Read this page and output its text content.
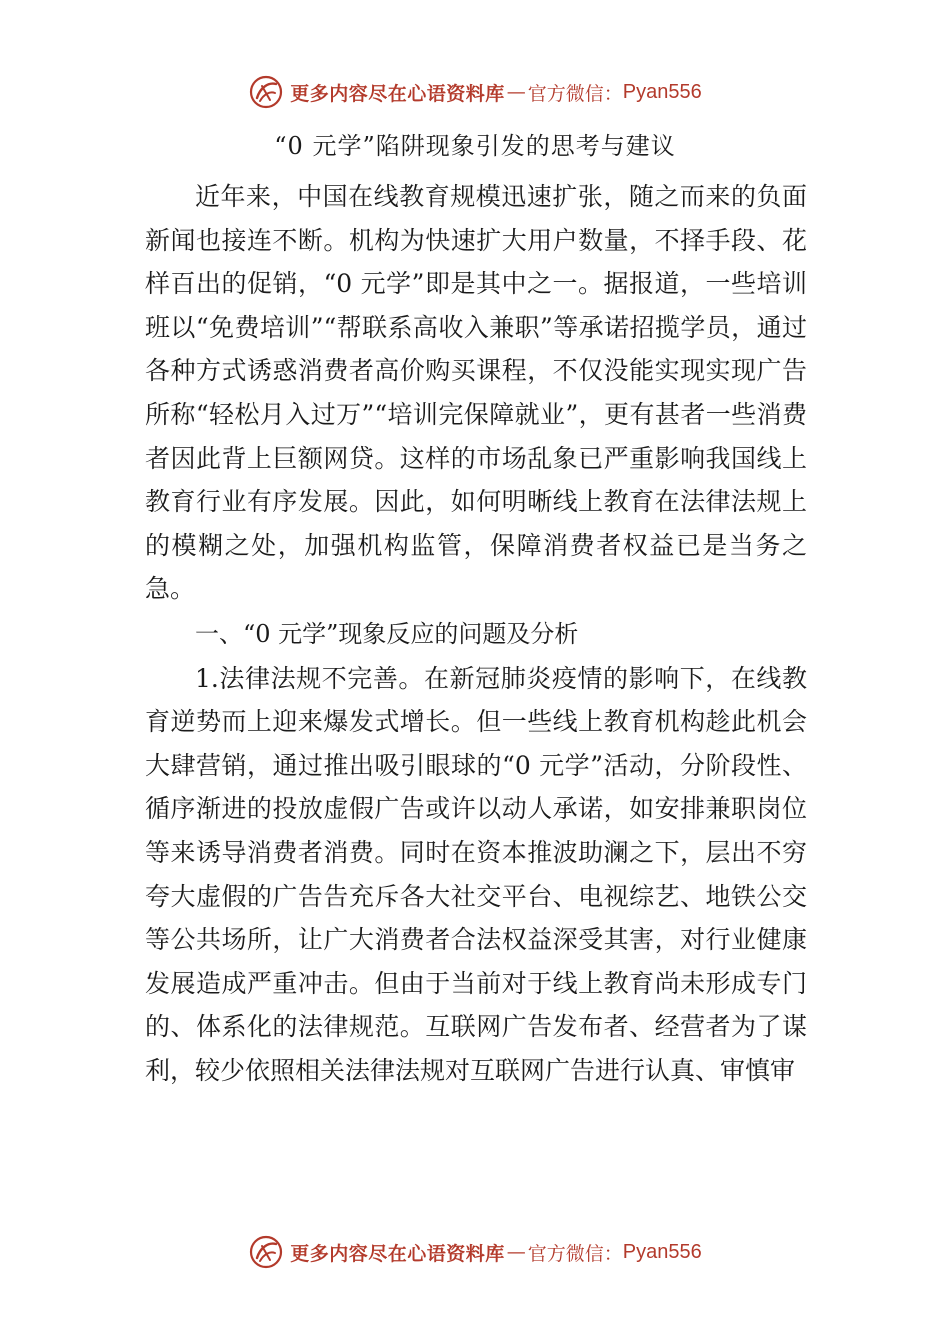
更多内容尽在心语资料库 — 官方微信： Pyan556
“0 元学”陷阱现象引发的思考与建议

近年来，中国在线教育规模迅速扩张，随之而来的负面新闻也接连不断。机构为快速扩大用户数量，不择手段、花样百出的促销，“0 元学”即是其中之一。据报道，一些培训班以“免费培训”“帮联系高收入兼职”等承诺招揽学员，通过各种方式诱惑消费者高价购买课程，不仅没能实现实现广告所称“轻松月入过万”“培训完保障就业”，更有甚者一些消费者因此背上巨额网贷。这样的市场乱象已严重影响我国线上教育行业有序发展。因此，如何明晰线上教育在法律法规上的模糊之处，加强机构监管，保障消费者权益已是当务之急。

一、“0 元学”现象反应的问题及分析

1.法律法规不完善。在新冠肺炎疫情的影响下，在线教育逆势而上迎来爆发式增长。但一些线上教育机构趁此机会大肆营销，通过推出吸引眼球的“0 元学”活动，分阶段性、循序渐进的投放虚假广告或许以动人承诺，如安排兼职岗位等来诱导消费者消费。同时在资本推波助澜之下，层出不穷夸大虚假的广告告充斥各大社交平台、电视综艺、地铁公交等公共场所，让广大消费者合法权益深受其害，对行业健康发展造成严重冲击。但由于当前对于线上教育尚未形成专门的、体系化的法律规范。互联网广告发布者、经营者为了谋利，较少依照相关法律法规对互联网广告进行认真、审慎审

更多内容尽在心语资料库 — 官方微信： Pyan556
